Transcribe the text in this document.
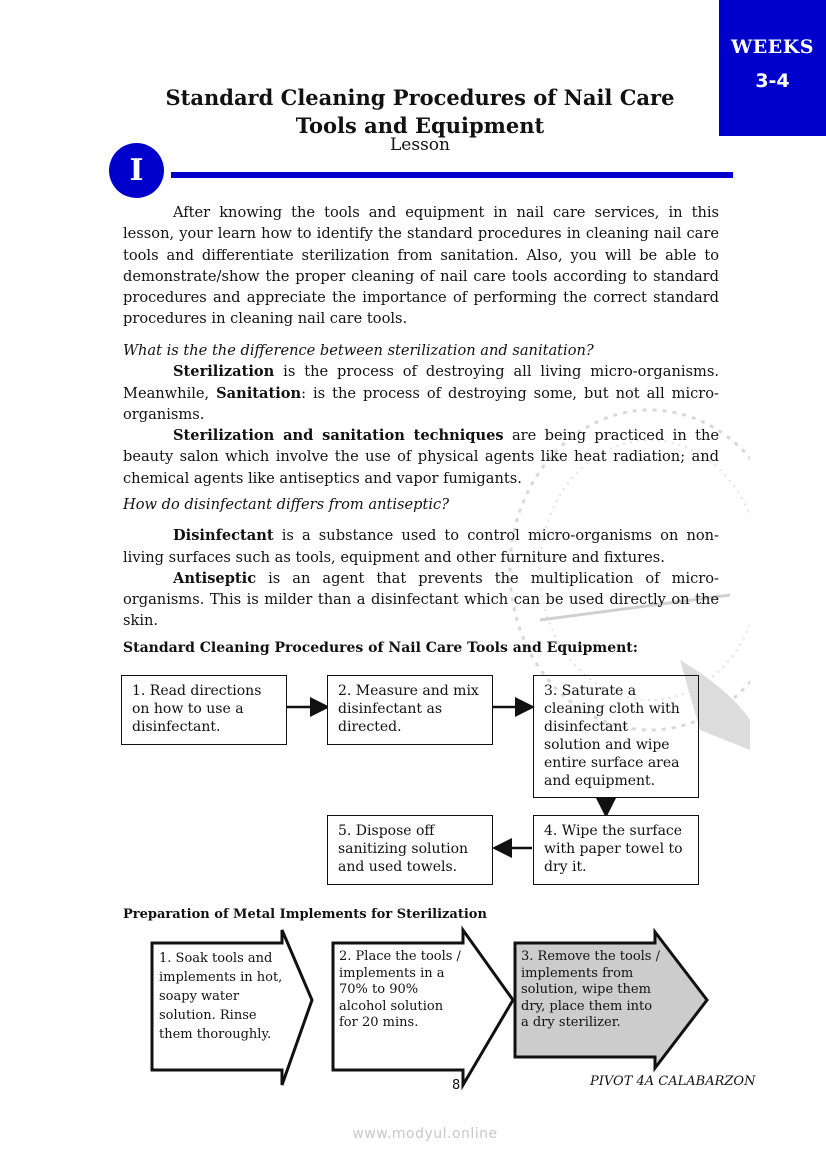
WEEKS
3-4
Standard Cleaning Procedures of Nail Care
Tools and Equipment
Lesson
I

After knowing the tools and equipment in nail care services, in this lesson, your learn how to identify the standard procedures in cleaning nail care tools and differentiate sterilization from sanitation. Also, you will be able to demonstrate/show the proper cleaning of nail care tools according to standard procedures and appreciate the importance of performing the correct standard procedures in cleaning nail care tools.

What is the the difference between sterilization and sanitation?

Sterilization is the process of destroying all living micro-organisms. Meanwhile, Sanitation: is the process of destroying some, but not all micro-organisms.

Sterilization and sanitation techniques are being practiced in the beauty salon which involve the use of physical agents like heat radiation; and chemical agents like antiseptics and vapor fumigants.

How do disinfectant differs from antiseptic?

Disinfectant is a substance used to control micro-organisms on non-living surfaces such as tools, equipment and other furniture and fixtures.

Antiseptic is an agent that prevents the multiplication of micro-organisms. This is milder than a disinfectant which can be used directly on the skin.

Standard Cleaning Procedures of Nail Care Tools and Equipment:
1. Read directions on how to use a disinfectant.
2. Measure and mix disinfectant as directed.
3. Saturate a cleaning cloth with disinfectant solution and wipe entire surface area and equipment.
4. Wipe the surface with paper towel to dry it.
5. Dispose off sanitizing solution and used towels.
Preparation of Metal Implements for Sterilization
1. Soak tools and implements in hot, soapy water solution. Rinse them thoroughly.
2. Place the tools / implements in a 70% to 90% alcohol solution for 20 mins.
3. Remove the tools / implements from solution, wipe them dry, place them into a dry sterilizer.
8	PIVOT 4A CALABARZON
www.modyul.online
